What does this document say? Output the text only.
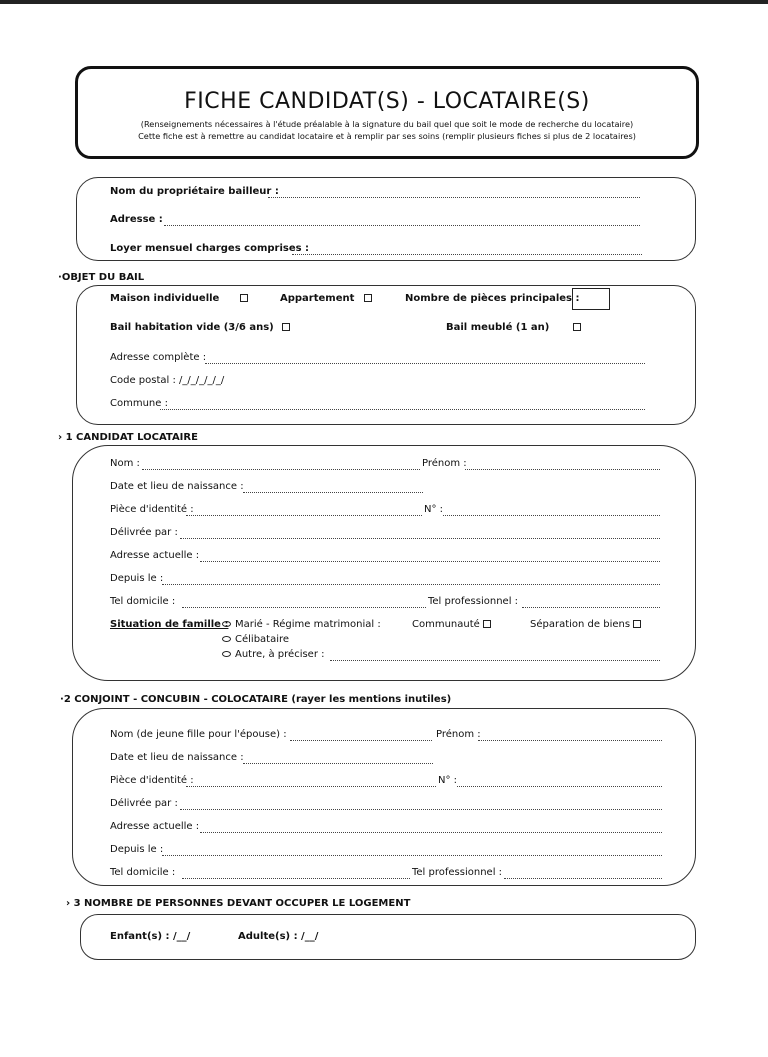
FICHE CANDIDAT(S) - LOCATAIRE(S)
(Renseignements nécessaires à l'étude préalable à la signature du bail quel que soit le mode de recherche du locataire)
Cette fiche est à remettre au candidat locataire et à remplir par ses soins (remplir plusieurs fiches si plus de 2 locataires)
Nom du propriétaire bailleur :
Adresse :
Loyer mensuel charges comprises :
·OBJET DU BAIL
Maison individuelle	Appartement	Nombre de pièces principales :
Bail habitation vide (3/6 ans)	Bail meublé (1 an)
Adresse complète :
Code postal : /_/_/_/_/_/
Commune :
› 1 CANDIDAT LOCATAIRE
Nom :	Prénom :
Date et lieu de naissance :
Pièce d'identité :	N° :
Délivrée par :
Adresse actuelle :
Depuis le :
Tel domicile :	Tel professionnel :
Situation de famille : Marié - Régime matrimonial :	Communauté	Séparation de biens
Célibataire
Autre, à préciser :
·2 CONJOINT - CONCUBIN - COLOCATAIRE (rayer les mentions inutiles)
Nom (de jeune fille pour l'épouse) :	Prénom :
Date et lieu de naissance :
Pièce d'identité :	N° :
Délivrée par :
Adresse actuelle :
Depuis le :
Tel domicile :	Tel professionnel :
› 3 NOMBRE DE PERSONNES DEVANT OCCUPER LE LOGEMENT
Enfant(s) : /__/	Adulte(s) : /__/
